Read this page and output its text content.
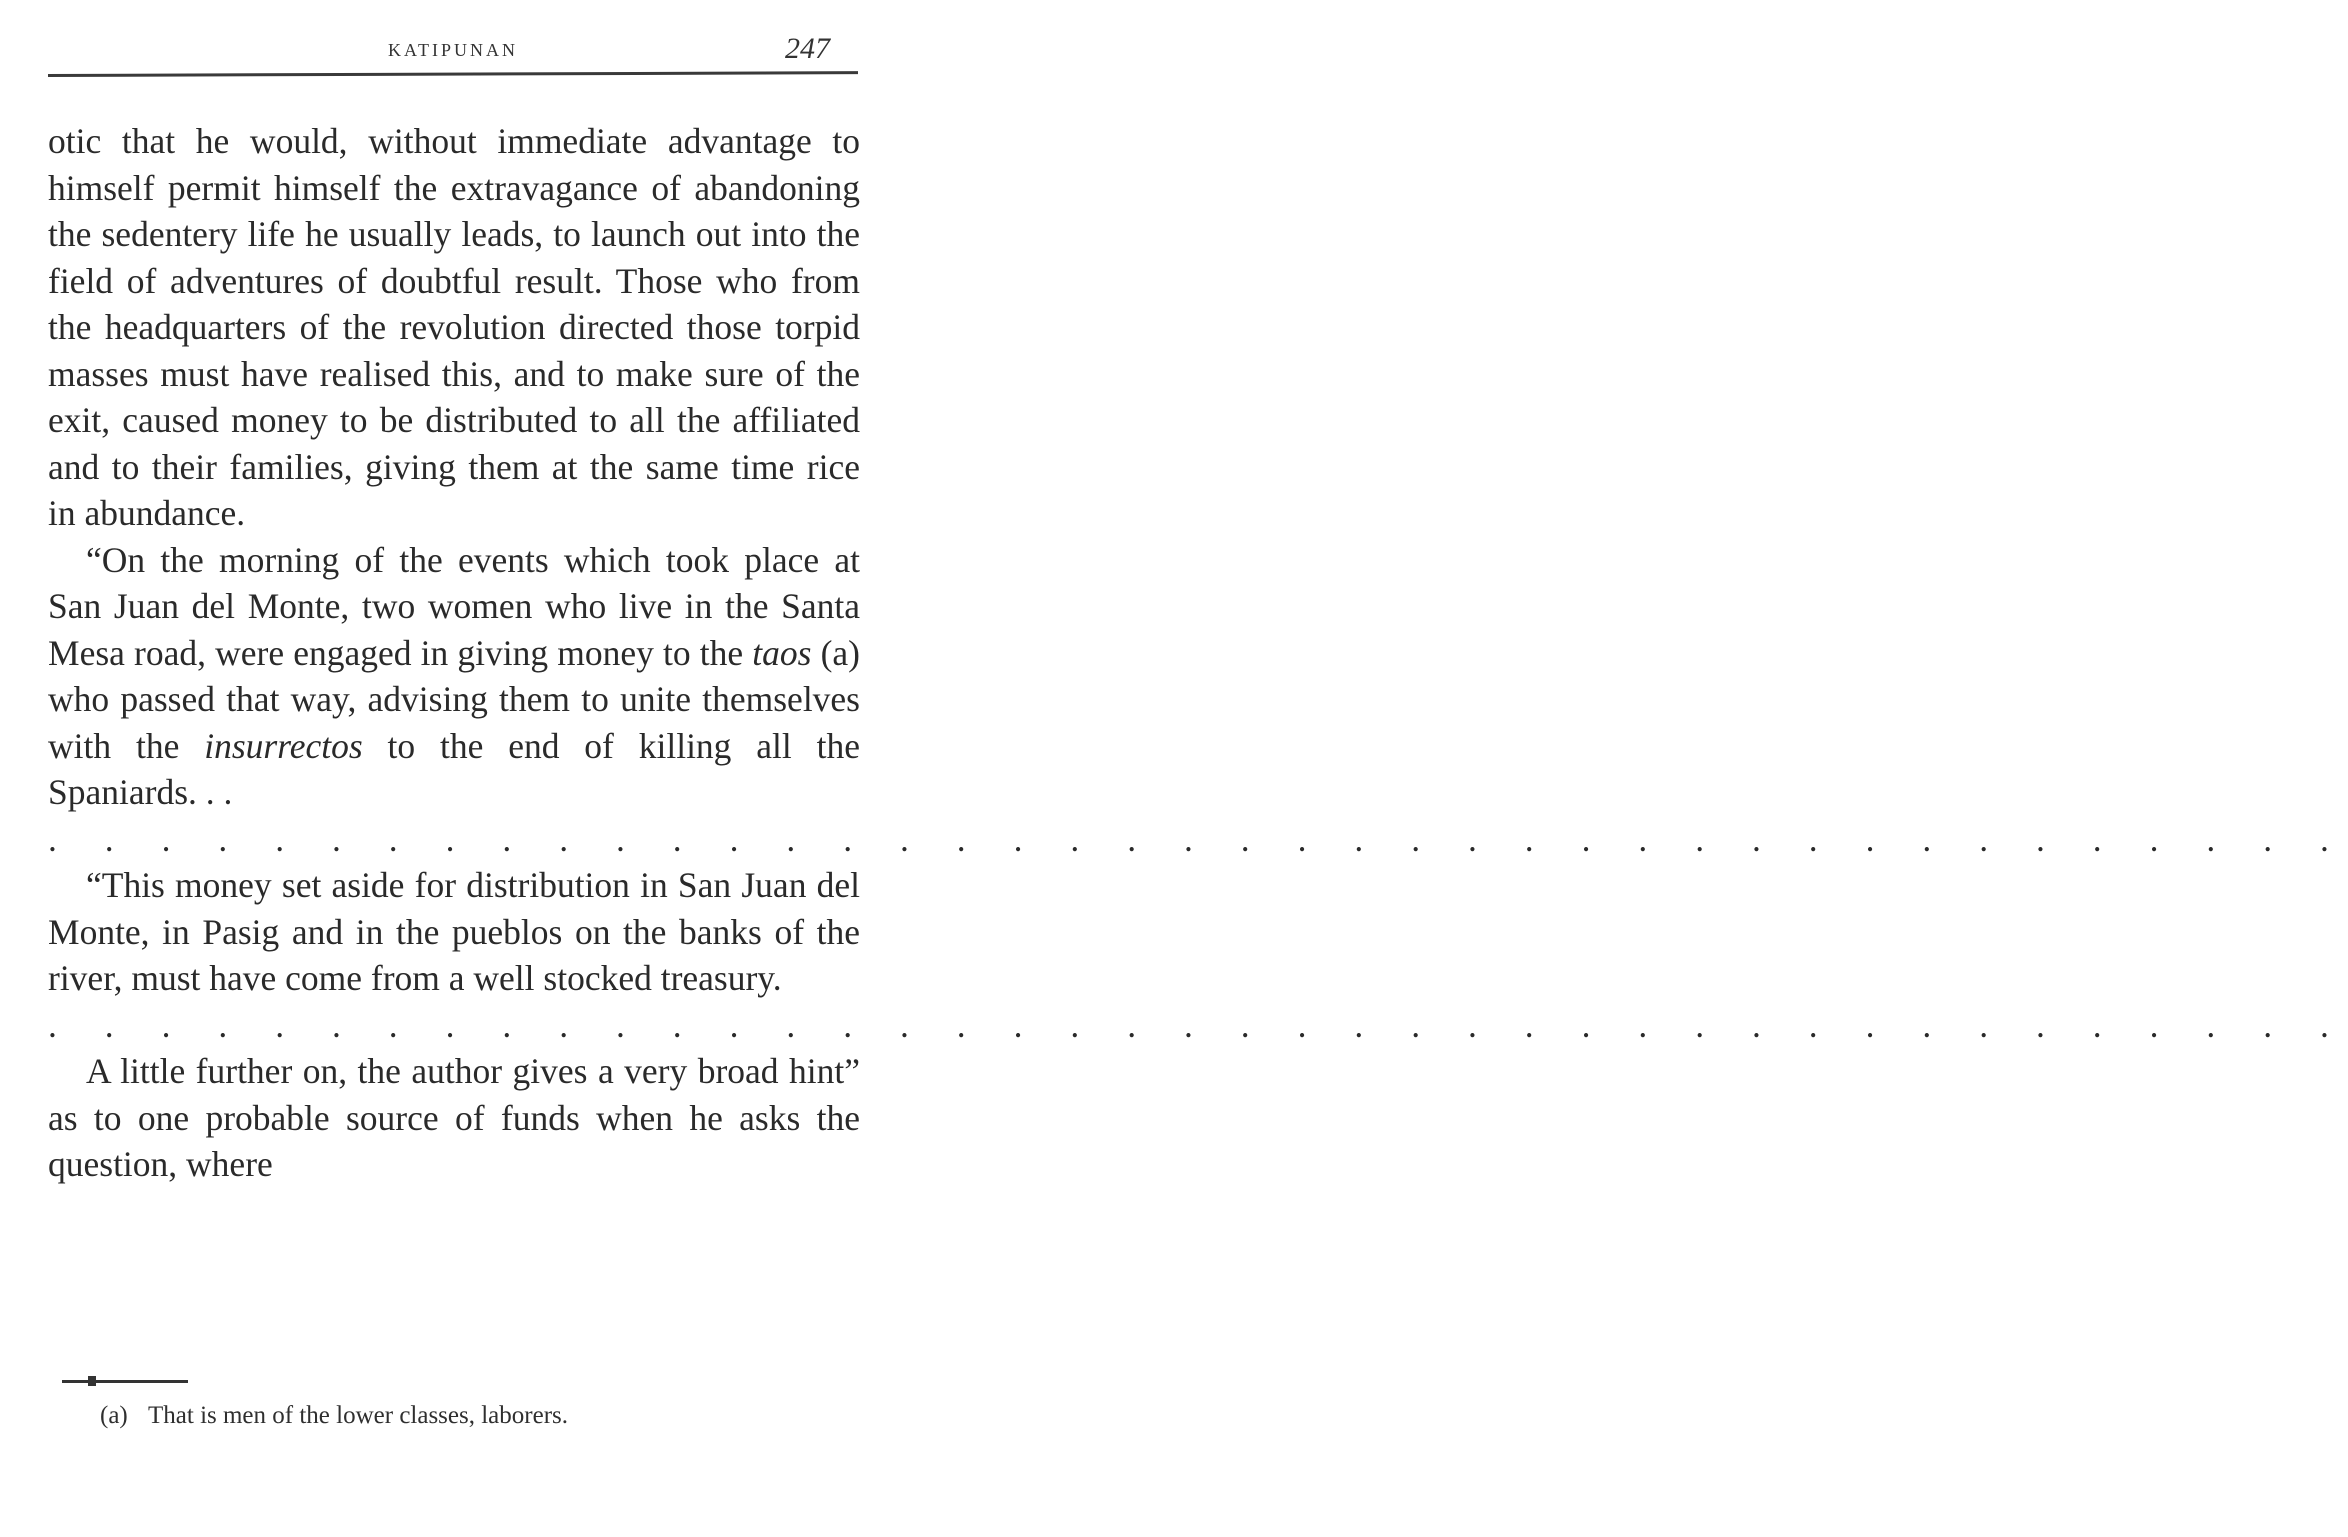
KATIPUNAN	247

otic that he would, without immediate advantage to himself permit himself the extravagance of abandoning the sedentery life he usually leads, to launch out into the field of adventures of doubtful result. Those who from the headquarters of the revolution directed those torpid masses must have realised this, and to make sure of the exit, caused money to be distributed to all the affiliated and to their families, giving them at the same time rice in abundance.

“On the morning of the events which took place at San Juan del Monte, two women who live in the Santa Mesa road, were engaged in giving money to the taos (a) who passed that way, advising them to unite themselves with the insurrectos to the end of killing all the Spaniards. . .

. . .

“This money set aside for distribution in San Juan del Monte, in Pasig and in the pueblos on the banks of the river, must have come from a well stocked treasury.

. . . ”

A little further on, the author gives a very broad hint as to one probable source of funds when he asks the question, where

(a) That is men of the lower classes, laborers.
